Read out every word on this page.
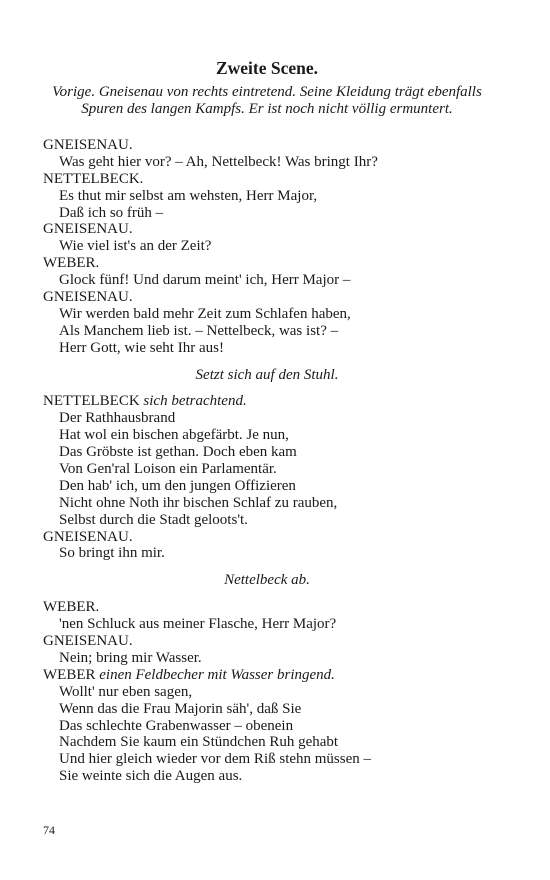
Zweite Scene.
Vorige. Gneisenau von rechts eintretend. Seine Kleidung trägt ebenfalls
Spuren des langen Kampfs. Er ist noch nicht völlig ermuntert.
GNEISENAU.
Was geht hier vor? – Ah, Nettelbeck! Was bringt Ihr?
NETTELBECK.
Es thut mir selbst am wehsten, Herr Major,
Daß ich so früh –
GNEISENAU.
Wie viel ist's an der Zeit?
WEBER.
Glock fünf! Und darum meint' ich, Herr Major –
GNEISENAU.
Wir werden bald mehr Zeit zum Schlafen haben,
Als Manchem lieb ist. – Nettelbeck, was ist? –
Herr Gott, wie seht Ihr aus!
Setzt sich auf den Stuhl.
NETTELBECK sich betrachtend.
Der Rathhausbrand
Hat wol ein bischen abgefärbt. Je nun,
Das Gröbste ist gethan. Doch eben kam
Von Gen'ral Loison ein Parlamentär.
Den hab' ich, um den jungen Offizieren
Nicht ohne Noth ihr bischen Schlaf zu rauben,
Selbst durch die Stadt geloots't.
GNEISENAU.
So bringt ihn mir.
Nettelbeck ab.
WEBER.
'nen Schluck aus meiner Flasche, Herr Major?
GNEISENAU.
Nein; bring mir Wasser.
WEBER einen Feldbecher mit Wasser bringend.
Wollt' nur eben sagen,
Wenn das die Frau Majorin säh', daß Sie
Das schlechte Grabenwasser – obenein
Nachdem Sie kaum ein Stündchen Ruh gehabt
Und hier gleich wieder vor dem Riß stehn müssen –
Sie weinte sich die Augen aus.
74
